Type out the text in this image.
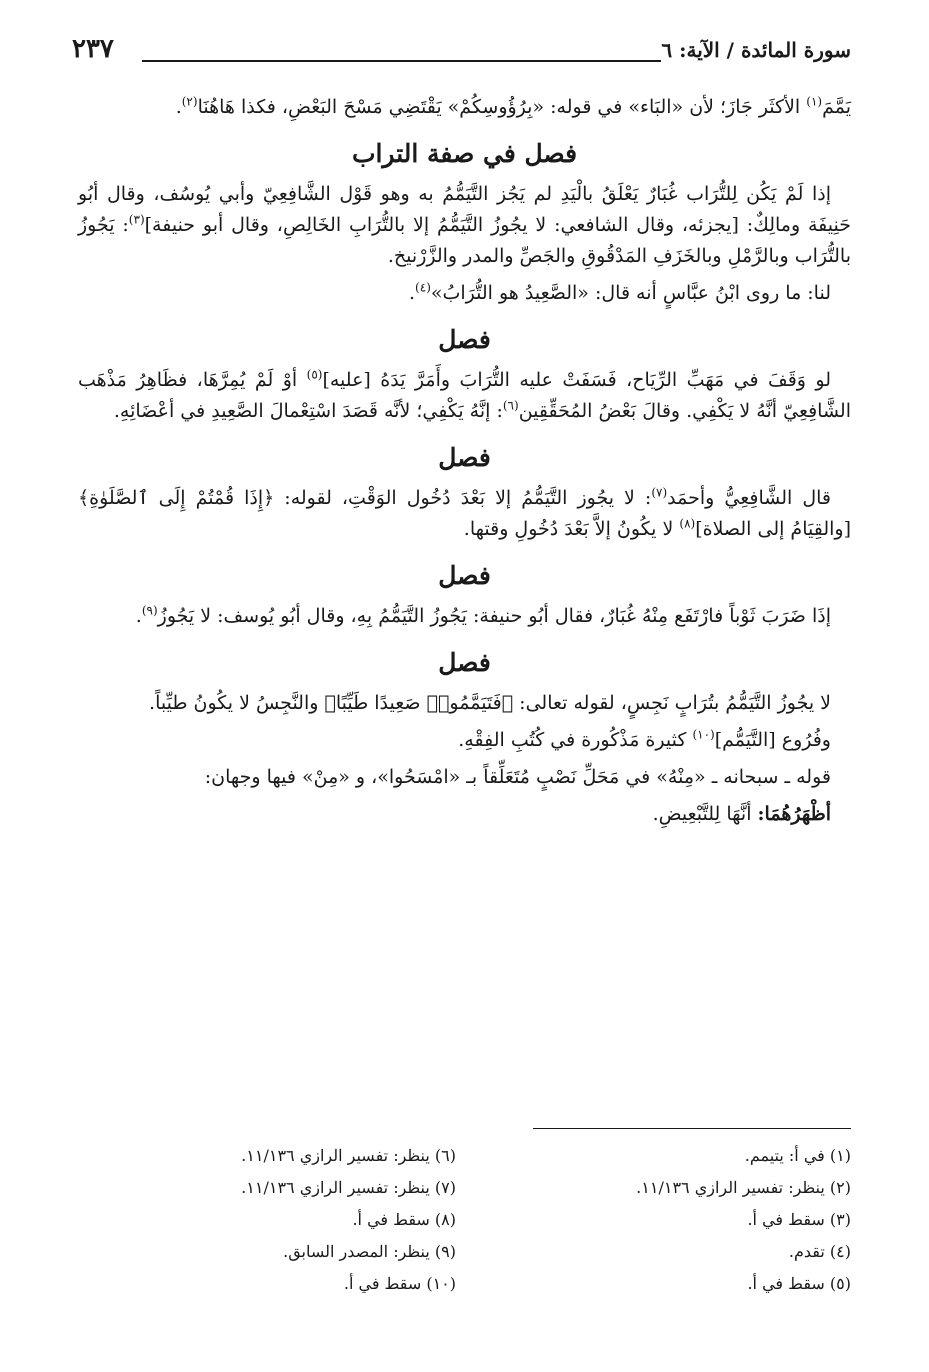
سورة المائدة / الآية: ٦
٢٣٧

يَمَّمَ$^{(١)}$ الأكثَر جَازَ؛ لأن «البَاء» في قوله: «بِرُؤُوسِكُمْ» يَقْتَضِي مَسْحَ البَعْضِ، فكذا هَاهُنَا$^{(٢)}$.

فصل في صفة التراب

إذا لَمْ يَكُن لِلتُّرَاب غُبَارٌ يَعْلَقُ بالْيَدِ لم يَجُز التَّيَمُّمُ به وهو قَوْل الشَّافِعِيّ وأبي يُوسُف، وقال أبُو حَنِيفَة ومالِكٌ: [يجزئه، وقال الشافعي: لا يجُوزُ التَّيَمُّمُ إلا بالتُّرَابِ الخَالِصِ، وقال أبو حنيفة]$^{(٣)}$: يَجُوزُ بالتُّرَاب وبالرَّمْلِ وبالخَزَفِ المَدْقُوقِ والجَصِّ والمدر والزَّرْنيخ.

لنا: ما روى ابْنُ عبَّاسٍ أنه قال: «الصَّعِيدُ هو التُّرَابُ»$^{(٤)}$.

فصل

لو وَقَفَ في مَهَبِّ الرِّيَاح، فَسَفَتْ عليه التُّرَابَ وأَمَرَّ يَدَهُ [عليه]$^{(٥)}$ أوْ لَمْ يُمِرَّهَا، فظَاهِرُ مَذْهَب الشَّافِعِيّ أنَّهُ لا يَكْفِي. وقالَ بَعْضُ المُحَقِّقِين$^{(٦)}$: إنَّهُ يَكْفِي؛ لأنَّه قَصَدَ اسْتِعْمالَ الصَّعِيدِ في أعْضَائِهِ.

فصل

قال الشَّافِعِيُّ وأحمَد$^{(٧)}$: لا يجُوز التَّيَمُّمُ إلا بَعْدَ دُخُول الوَقْتِ، لقوله: ﴿إِذَا قُمْتُمْ إِلَى ٱلصَّلَوٰةِ﴾ [والقِيَامُ إلى الصلاة]$^{(٨)}$ لا يكُونُ إلاَّ بَعْدَ دُخُولِ وقتها.

فصل

إذَا ضَرَبَ ثَوْباً فارْتَفَع مِنْهُ غُبَارٌ، فقال أبُو حنيفة: يَجُوزُ التَّيَمُّمُ بِهِ، وقال أبُو يُوسف: لا يَجُوزُ$^{(٩)}$.

فصل

لا يجُوزُ التَّيَمُّمُ بتُرَابٍ نَجِسٍ، لقوله تعالى: ﴿فَتَيَمَّمُوا۟ صَعِيدًا طَيِّبًا﴾ والنَّجِسُ لا يكُونُ طيِّباً.

وفُرُوع [التَّيَمُّم]$^{(١٠)}$ كثيرة مَذْكُورة في كُتُبِ الفِقْهِ.

قوله ـ سبحانه ـ «مِنْهُ» في مَحَلِّ نَصْبٍ مُتَعَلِّقاً بـ «امْسَحُوا»، و «مِنْ» فيها وجهان:

أظْهَرُهُمَا: أنَّهَا لِلتَّبْعِيضِ.

(١) في أ: يتيمم.
(٢) ينظر: تفسير الرازي ١١/١٣٦.
(٣) سقط في أ.
(٤) تقدم.
(٥) سقط في أ.
(٦) ينظر: تفسير الرازي ١١/١٣٦.
(٧) ينظر: تفسير الرازي ١١/١٣٦.
(٨) سقط في أ.
(٩) ينظر: المصدر السابق.
(١٠) سقط في أ.
